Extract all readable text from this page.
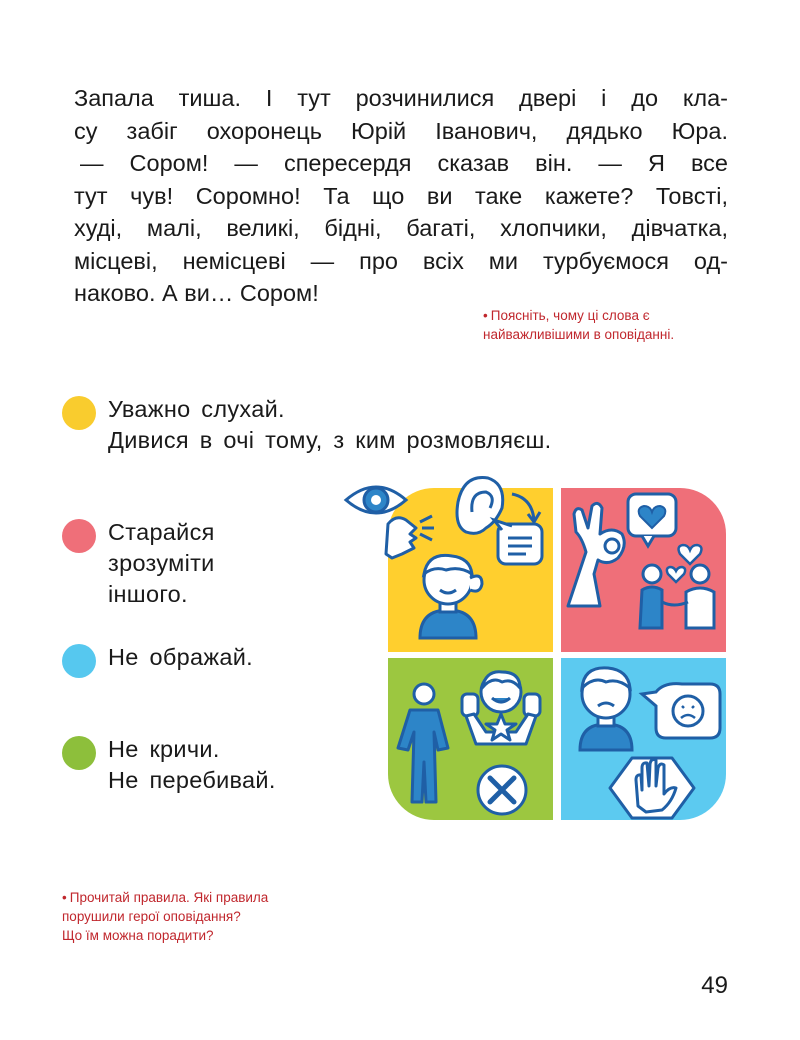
Запала тиша. І тут розчинилися двері і до кла-

су забіг охоронець Юрій Іванович, дядько Юра.

— Сором! — спересердя сказав він. — Я все

тут чув! Соромно! Та що ви таке кажете? Товсті,

худі, малі, великі, бідні, багаті, хлопчики, дівчатка,

місцеві, немісцеві — про всіх ми турбуємося од-

наково. А ви… Сором!

• Поясніть, чому ці слова є
найважливішими в оповіданні.
Уважно слухай.
Дивися в очі тому, з ким розмовляєш.
Старайся
зрозуміти
іншого.
Не ображай.
Не кричи.
Не перебивай.
• Прочитай правила. Які правила
порушили герої оповідання?
Що їм можна порадити?
49
